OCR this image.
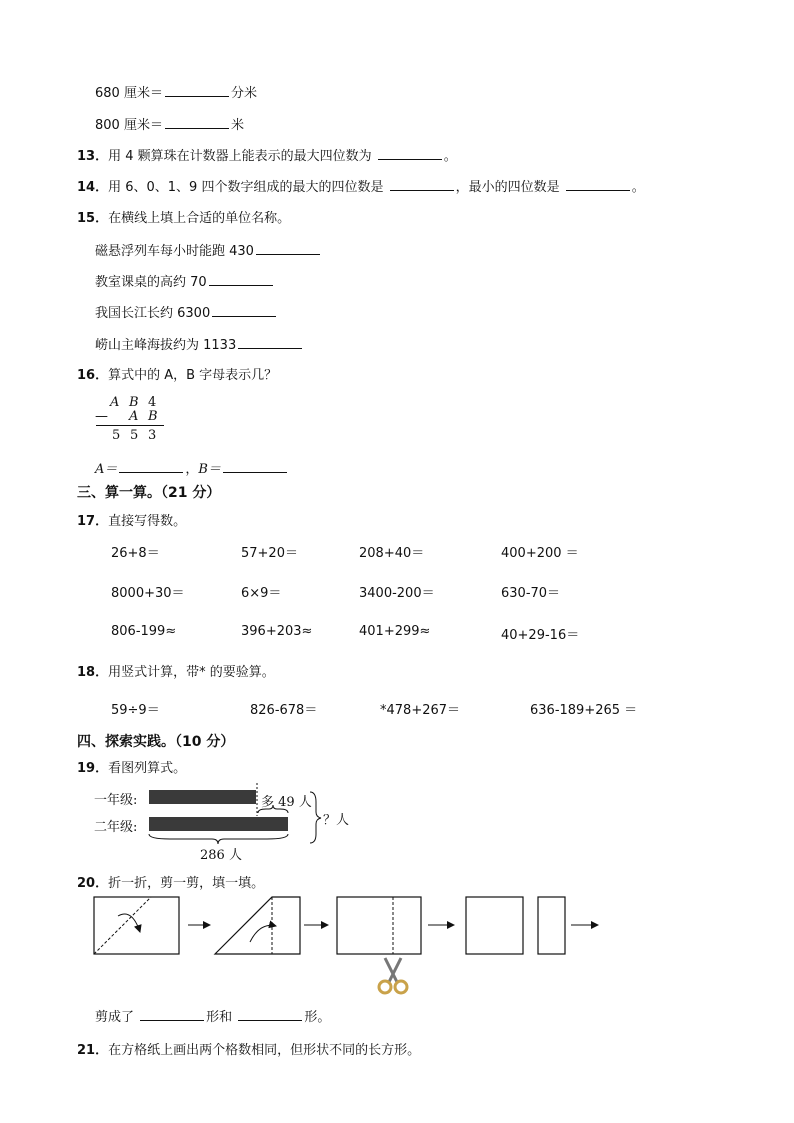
680 厘米＝	分米
800 厘米＝	米
13．用 4 颗算珠在计数器上能表示的最大四位数为	。
14．用 6、0、1、9 四个数字组成的最大的四位数是	，最小的四位数是	。
15．在横线上填上合适的单位名称。
磁悬浮列车每小时能跑 430
教室课桌的高约 70
我国长江长约 6300
崂山主峰海拔约为 1133
16．算式中的 A，B 字母表示几？
A B 4
— A B
5 5 3
A＝	，B＝
三、算一算。（21 分）
17．直接写得数。
26+8＝	57+20＝	208+40＝	400+200 ＝
8000+30＝	6×9＝	3400-200＝	630-70＝
806-199≈	396+203≈	401+299≈	40+29-16＝
18．用竖式计算，带* 的要验算。
59÷9＝	826-678＝	*478+267＝	636-189+265 ＝
四、探索实践。（10 分）
19．看图列算式。
一年级:
二年级:
多 49 人
286 人
？人
20．折一折，剪一剪，填一填。
剪成了	形和	形。
21．在方格纸上画出两个格数相同，但形状不同的长方形。
